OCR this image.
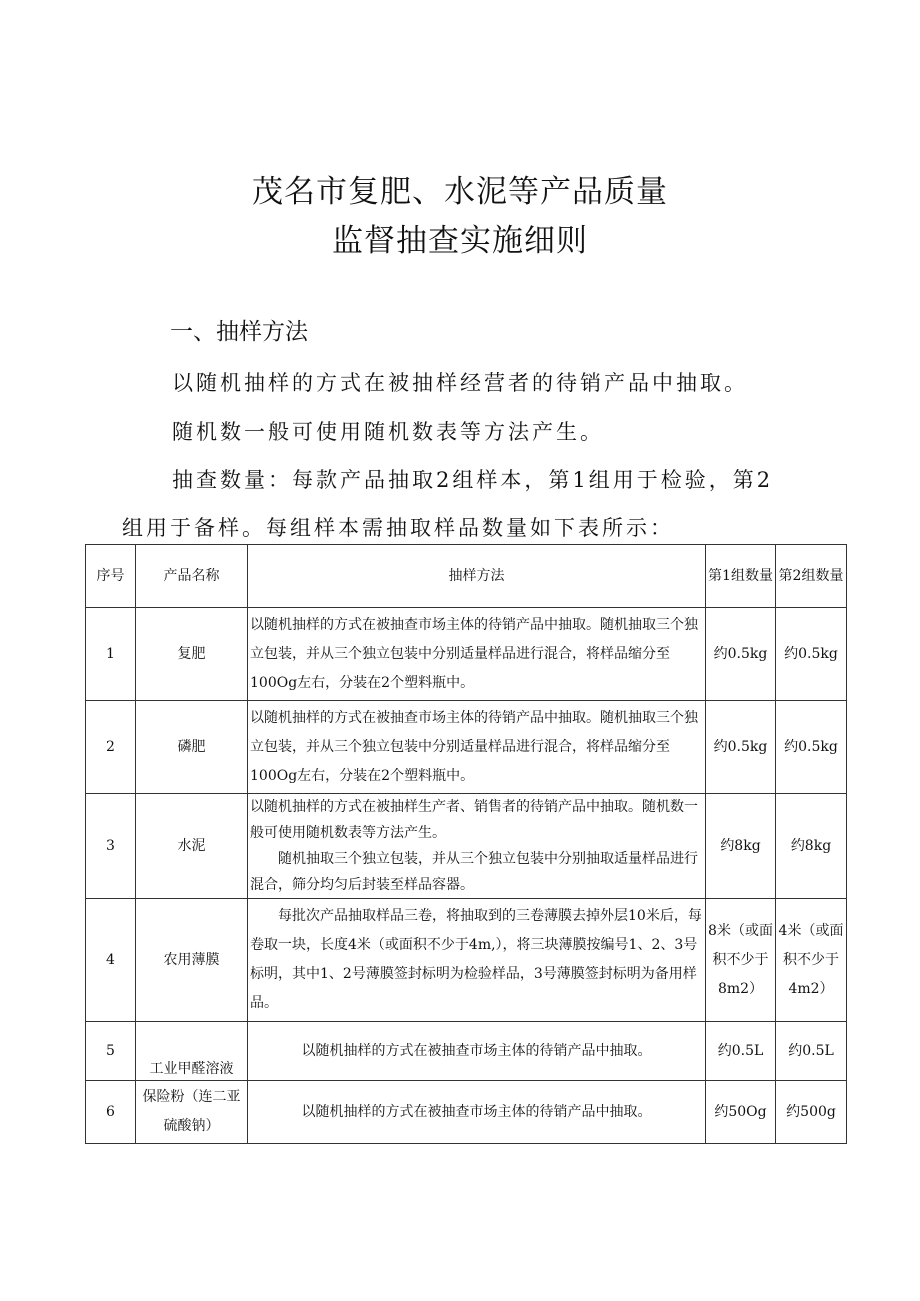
茂名市复肥、水泥等产品质量
监督抽查实施细则
一、抽样方法
以随机抽样的方式在被抽样经营者的待销产品中抽取。
随机数一般可使用随机数表等方法产生。
抽查数量：每款产品抽取2组样本，第1组用于检验，第2
组用于备样。每组样本需抽取样品数量如下表所示：
序号	产品名称	抽样方法	第1组数量	第2组数量
1	复肥	以随机抽样的方式在被抽查市场主体的待销产品中抽取。随机抽取三个独立包装，并从三个独立包装中分别适量样品进行混合，将样品缩分至100Og左右，分装在2个塑料瓶中。	约0.5kg	约0.5kg
2	磷肥	以随机抽样的方式在被抽查市场主体的待销产品中抽取。随机抽取三个独立包装，并从三个独立包装中分别适量样品进行混合，将样品缩分至100Og左右，分装在2个塑料瓶中。	约0.5kg	约0.5kg
3	水泥	以随机抽样的方式在被抽样生产者、销售者的待销产品中抽取。随机数一般可使用随机数表等方法产生。
随机抽取三个独立包装，并从三个独立包装中分别抽取适量样品进行混合，筛分均匀后封装至样品容器。	约8kg	约8kg
4	农用薄膜	每批次产品抽取样品三卷，将抽取到的三卷薄膜去掉外层10米后，每卷取一块，长度4米（或面积不少于4m,），将三块薄膜按编号1、2、3号标明，其中1、2号薄膜签封标明为检验样品，3号薄膜签封标明为备用样品。	8米（或面积不少于8m2）	4米（或面积不少于4m2）
5	工业甲醛溶液	以随机抽样的方式在被抽查市场主体的待销产品中抽取。	约0.5L	约0.5L
6	保险粉（连二亚硫酸钠）	以随机抽样的方式在被抽查市场主体的待销产品中抽取。	约50Og	约500g
